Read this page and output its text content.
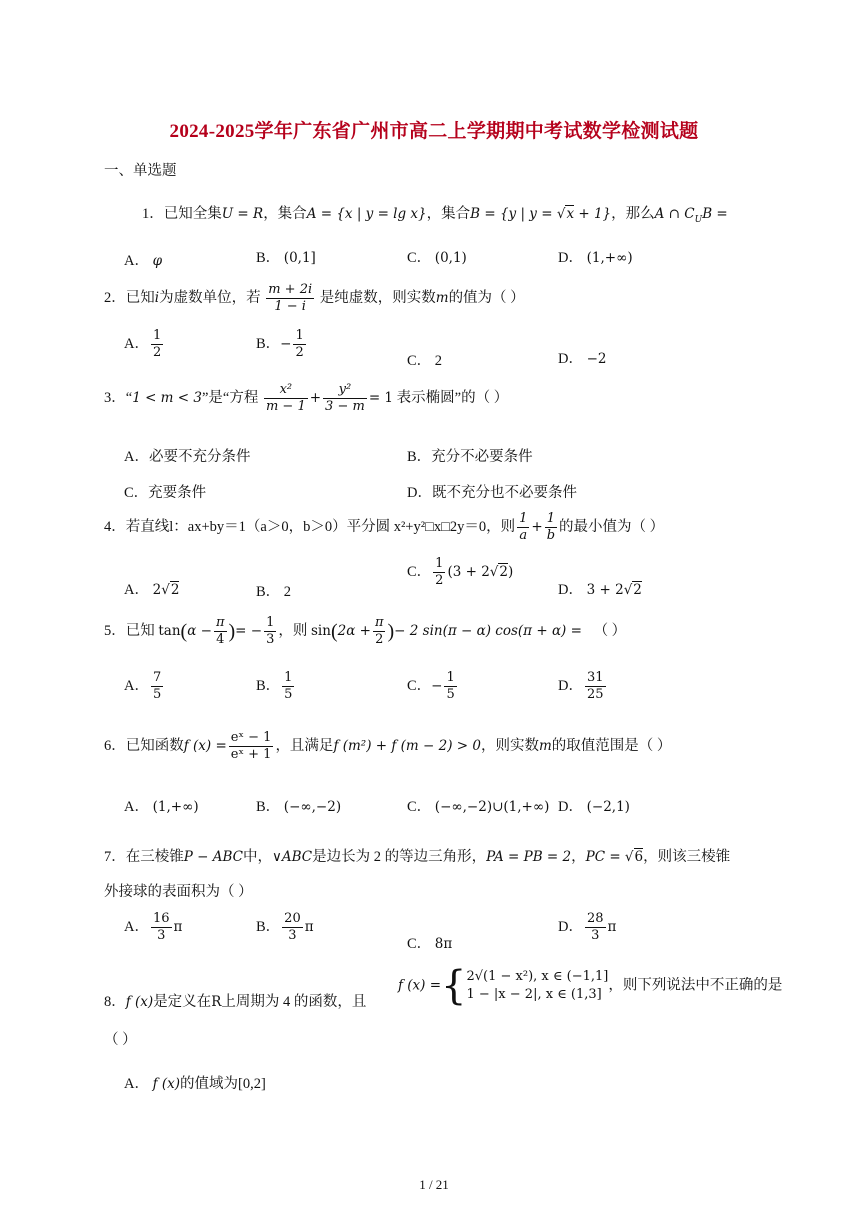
2024-2025学年广东省广州市高二上学期期中考试数学检测试题
一、单选题
1．已知全集U = R，集合A = {x | y = lg x}，集合B = {y | y = √x + 1}，那么A ∩ $C_UB$ =
A． φ	B． (0,1]	C． (0,1)	D． (1,+∞)
2．已知i为虚数单位，若 $\frac{m + 2i}{1 - i}$ 是纯虚数，则实数m的值为（ ）
A． $\frac{1}{2}$	B．− $\frac{1}{2}$	C． 2	D． −2
3．“1 < m < 3”是“方程 $\frac{\text{x²}}{m - 1} + \frac{\text{y²}}{3 - m} = 1$ 表示椭圆”的（ ）
A．必要不充分条件	B．充分不必要条件
C．充要条件	D．既不充分也不必要条件
4．若直线l：ax+by＝1（a＞0，b＞0）平分圆 x²+y²□x□2y＝0，则 $\frac{1}{a} + \frac{1}{b}$ 的最小值为（ ）
A． 2√2	B． 2
C． $\frac{1}{2} (3 + 2√2)$
D． 3 + 2√2
5．已知 $\tan(\alpha - \frac{\pi}{4}$ )= − $\frac{1}{3}$ ，则 $\sin(2\alpha + \frac{\pi}{2}$ )− 2 sin(π − α) cos(π + α) = （ ）
A． $\frac{7}{5}$	B． $\frac{1}{5}$	C．− $\frac{1}{5}$	D． $\frac{31}{25}$
6．已知函数f $(x) = \frac{\text{eˣ − 1}}{\text{eˣ + 1}}$ ，且满足f (m²) + f (m − 2) > 0，则实数m的取值范围是（ ）
A． (1,+∞)	B． (−∞,−2)	C． (−∞,−2)∪(1,+∞) D． (−2,1)
7．在三棱锥P − ABC中，∨ABC是边长为 2 的等边三角形，PA = PB = 2，PC = √6，则该三棱锥
外接球的表面积为（ ）
A． $\frac{16}{3}$ π	B． $\frac{20}{3}$ π
C． 8π
D． $\frac{28}{3}$ π
8．f (x)是定义在R上周期为 4 的函数，且
f (x) ={ 2√(1 − x²), x ∈ (−1,1]
1 − |x − 2|, x ∈ (1,3]
，则下列说法中不正确的是
（ ）
A． f (x)的值域为[0,2]
1 / 21
